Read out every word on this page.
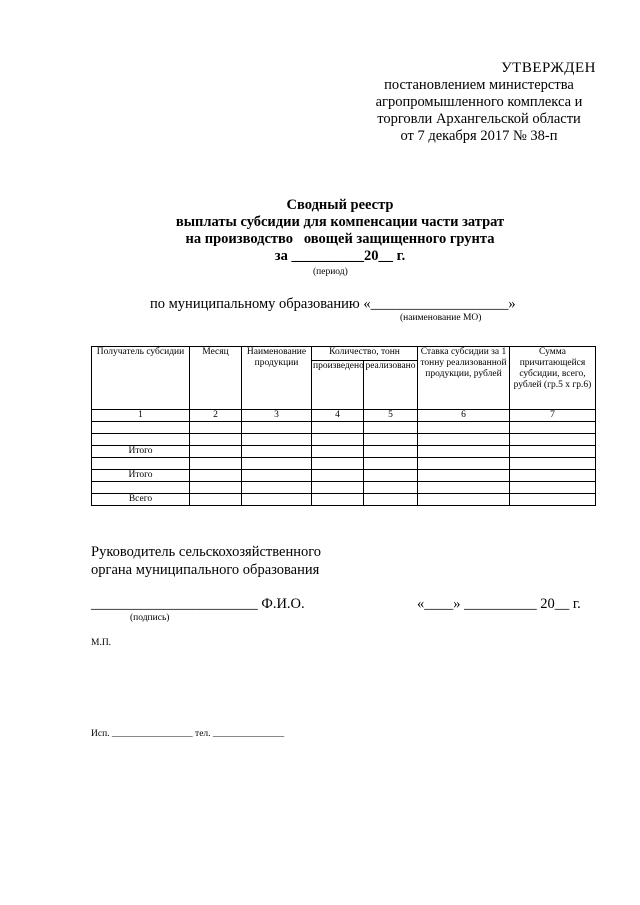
УТВЕРЖДЕН
постановлением министерства
агропромышленного комплекса и
торговли Архангельской области
от 7 декабря 2017 № 38-п
Сводный реестр
выплаты субсидии для компенсации части затрат
на производство   овощей защищенного грунта
за __________20__ г.
(период)
по муниципальному образованию «___________________»
(наименование МО)
Получатель субсидии	Месяц	Наименование продукции	Количество, тонн		Ставка субсидии за 1 тонну реализованной продукции, рублей	Сумма причитающейся субсидии, всего, рублей (гр.5 х гр.6)
			произведено	реализовано		
1	2	3	4	5	6	7

Итого						

Итого						

Всего						
Руководитель сельскохозяйственного
органа муниципального образования
_______________________ Ф.И.О.	«____» __________ 20__ г.
(подпись)
М.П.
Исп. _________________ тел. _______________
